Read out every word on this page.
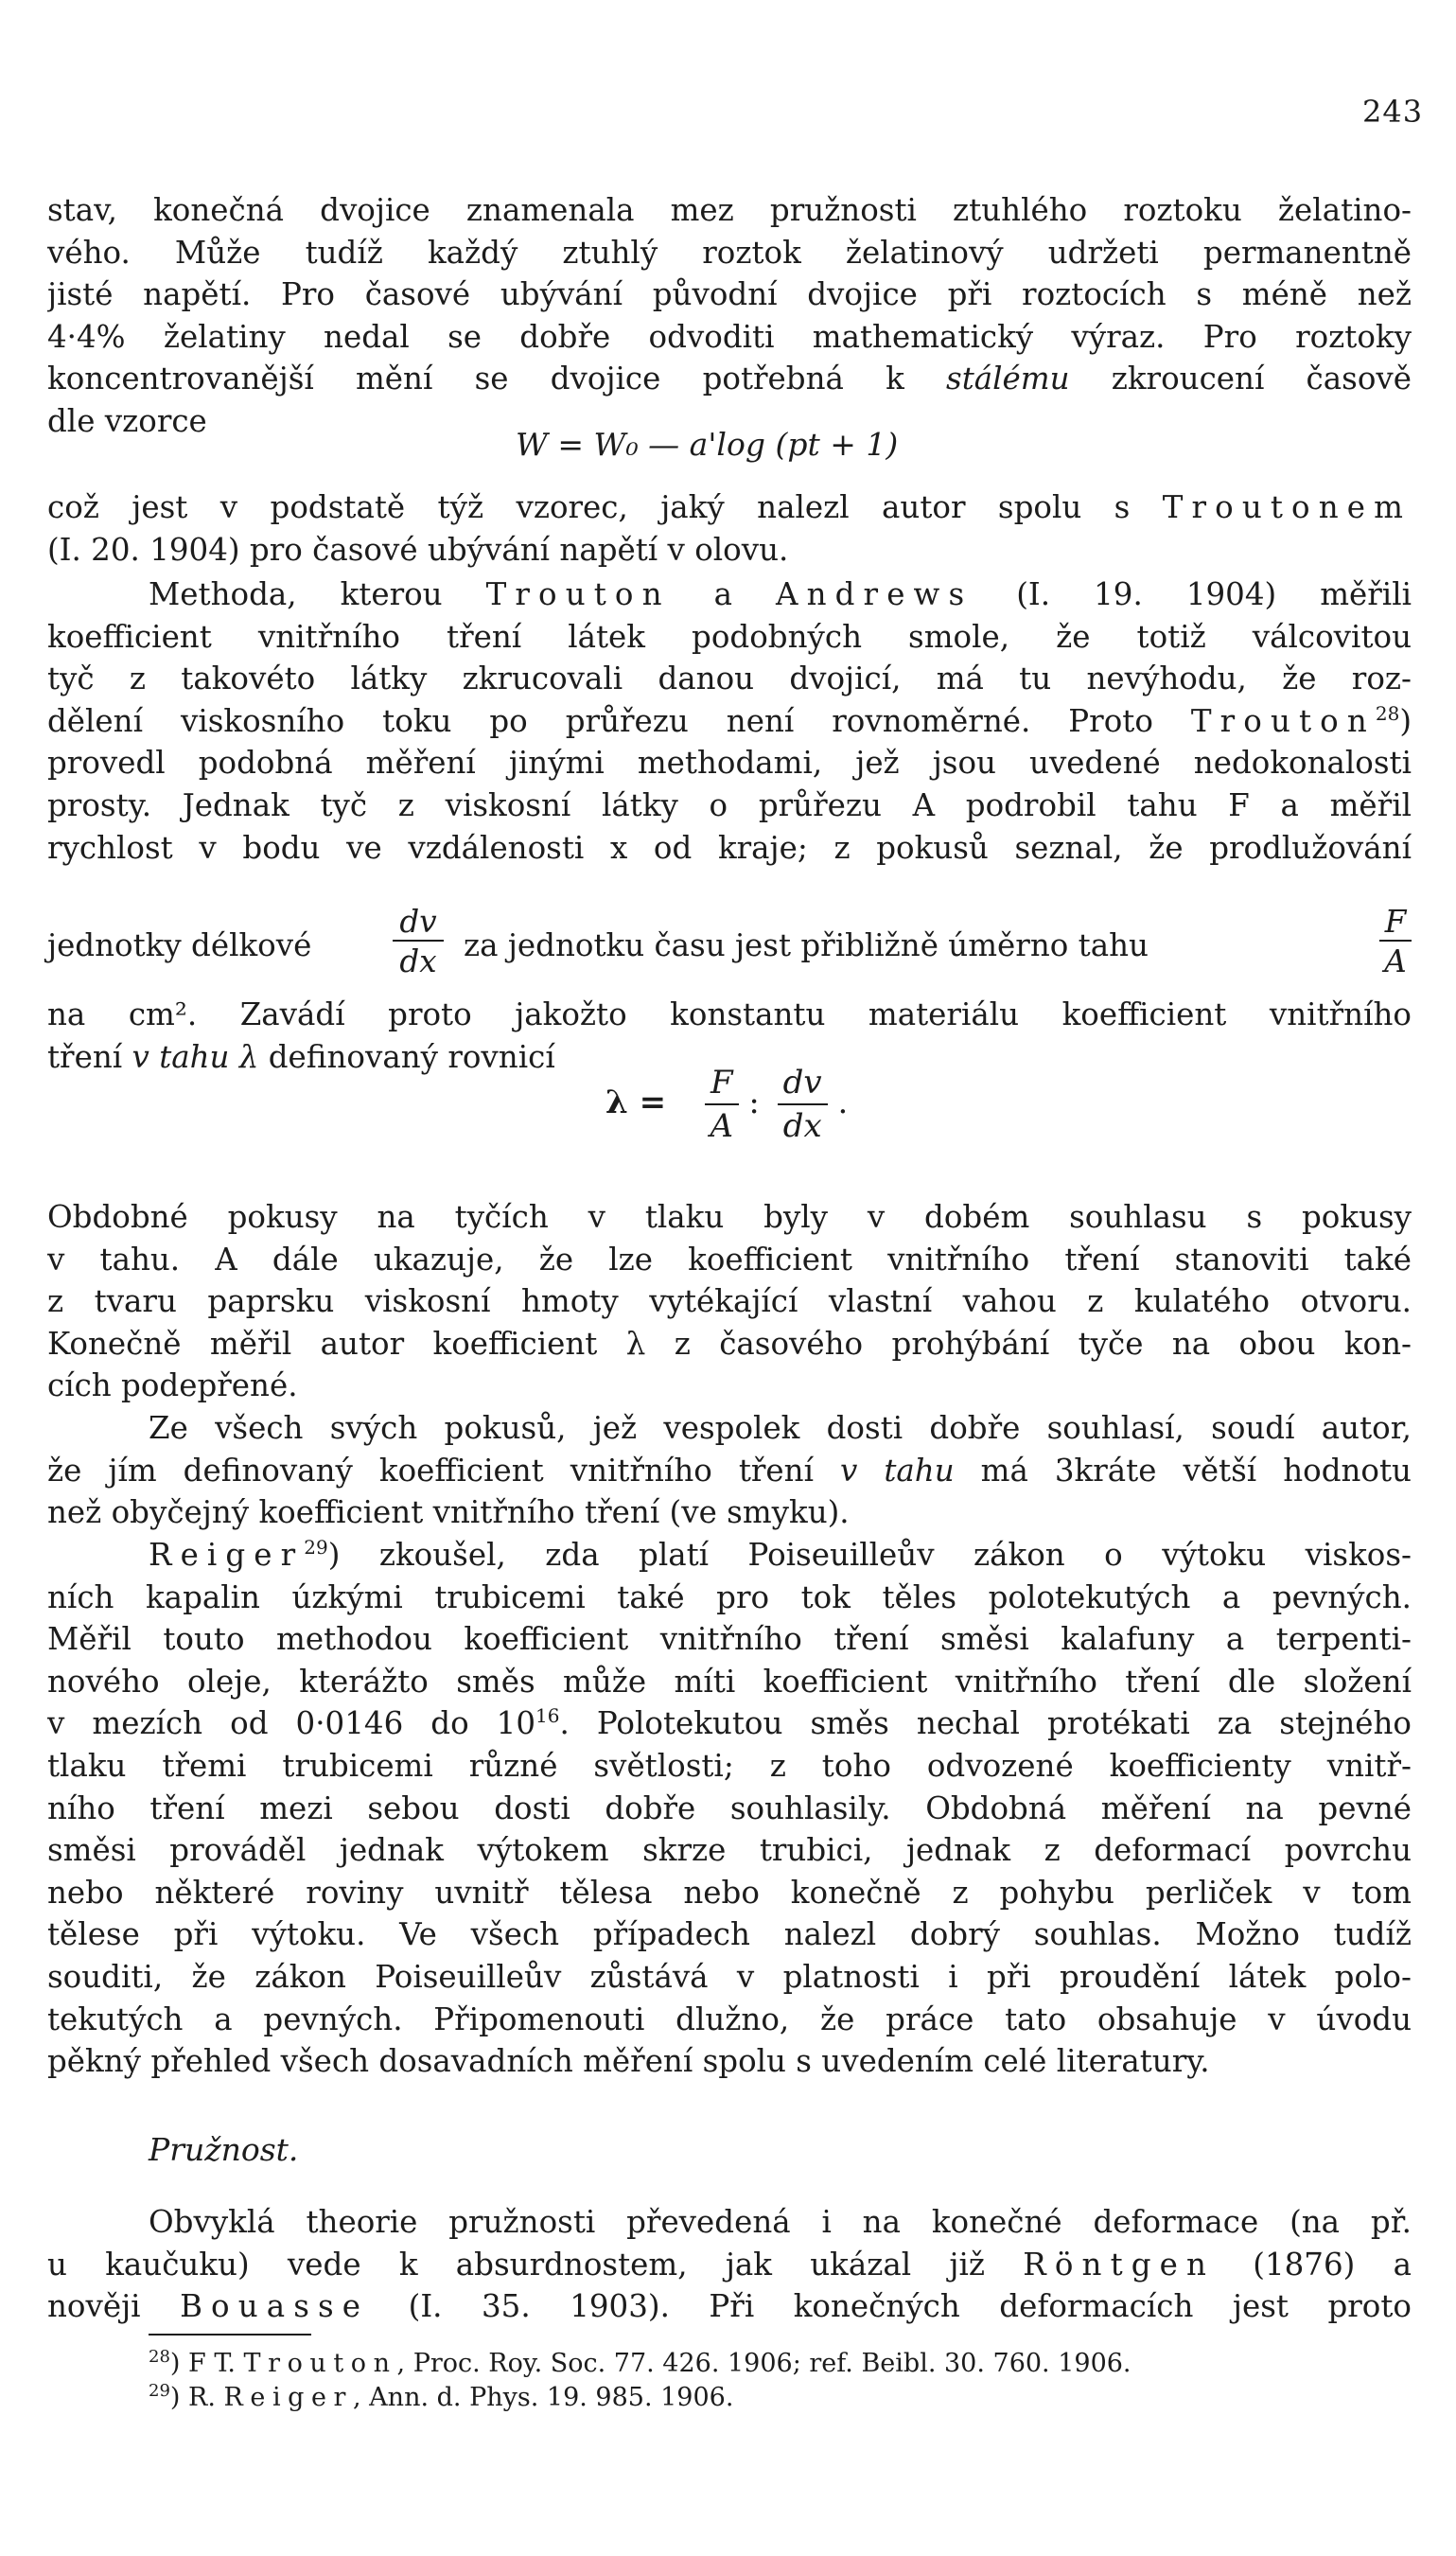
243

stav, konečná dvojice znamenala mez pružnosti ztuhlého roztoku želatino-

vého. Může tudíž každý ztuhlý roztok želatinový udržeti permanentně

jisté napětí. Pro časové ubývání původní dvojice při roztocích s méně než

4·4% želatiny nedal se dobře odvoditi mathematický výraz. Pro roztoky

koncentrovanější mění se dvojice potřebná k stálému zkroucení časově

dle vzorce

W = W₀ — a'log (pt + 1)

což jest v podstatě týž vzorec, jaký nalezl autor spolu s Troutonem

(I. 20. 1904) pro časové ubývání napětí v olovu.

Methoda, kterou Trouton a Andrews (I. 19. 1904) měřili

koefficient vnitřního tření látek podobných smole, že totiž válcovitou

tyč z takovéto látky zkrucovali danou dvojicí, má tu nevýhodu, že roz-

dělení viskosního toku po průřezu není rovnoměrné. Proto Trouton$^{28}$)

provedl podobná měření jinými methodami, jež jsou uvedené nedokonalosti

prosty. Jednak tyč z viskosní látky o průřezu A podrobil tahu F a měřil

rychlost v bodu ve vzdálenosti x od kraje; z pokusů seznal, že prodlužování

jednotky délkové
dv
dx za jednotku času jest přibližně úměrno tahu
F
A

na cm². Zavádí proto jakožto konstantu materiálu koefficient vnitřního

tření v tahu λ definovaný rovnicí

$\lambda = \frac{F}{A}$ : $\frac{dv}{dx}$ .

Obdobné pokusy na tyčích v tlaku byly v dobém souhlasu s pokusy

v tahu. A dále ukazuje, že lze koefficient vnitřního tření stanoviti také

z tvaru paprsku viskosní hmoty vytékající vlastní vahou z kulatého otvoru.

Konečně měřil autor koefficient λ z časového prohýbání tyče na obou kon-

cích podepřené.

Ze všech svých pokusů, jež vespolek dosti dobře souhlasí, soudí autor,

že jím definovaný koefficient vnitřního tření v tahu má 3kráte větší hodnotu

než obyčejný koefficient vnitřního tření (ve smyku).

Reiger$^{29}$) zkoušel, zda platí Poiseuilleův zákon o výtoku viskos-

ních kapalin úzkými trubicemi také pro tok těles polotekutých a pevných.

Měřil touto methodou koefficient vnitřního tření směsi kalafuny a terpenti-

nového oleje, kterážto směs může míti koefficient vnitřního tření dle složení

v mezích od 0·0146 do $10^{16}$. Polotekutou směs nechal protékati za stejného

tlaku třemi trubicemi různé světlosti; z toho odvozené koefficienty vnitř-

ního tření mezi sebou dosti dobře souhlasily. Obdobná měření na pevné

směsi prováděl jednak výtokem skrze trubici, jednak z deformací povrchu

nebo některé roviny uvnitř tělesa nebo konečně z pohybu perliček v tom

tělese při výtoku. Ve všech případech nalezl dobrý souhlas. Možno tudíž

souditi, že zákon Poiseuilleův zůstává v platnosti i při proudění látek polo-

tekutých a pevných. Připomenouti dlužno, že práce tato obsahuje v úvodu

pěkný přehled všech dosavadních měření spolu s uvedením celé literatury.

Pružnost.

Obvyklá theorie pružnosti převedená i na konečné deformace (na př.

u kaučuku) vede k absurdnostem, jak ukázal již Röntgen (1876) a

nověji Bouasse (I. 35. 1903). Při konečných deformacích jest proto

$^{28}$) F T. Trouton, Proc. Roy. Soc. 77. 426. 1906; ref. Beibl. 30. 760. 1906.
$^{29}$) R. Reiger, Ann. d. Phys. 19. 985. 1906.
